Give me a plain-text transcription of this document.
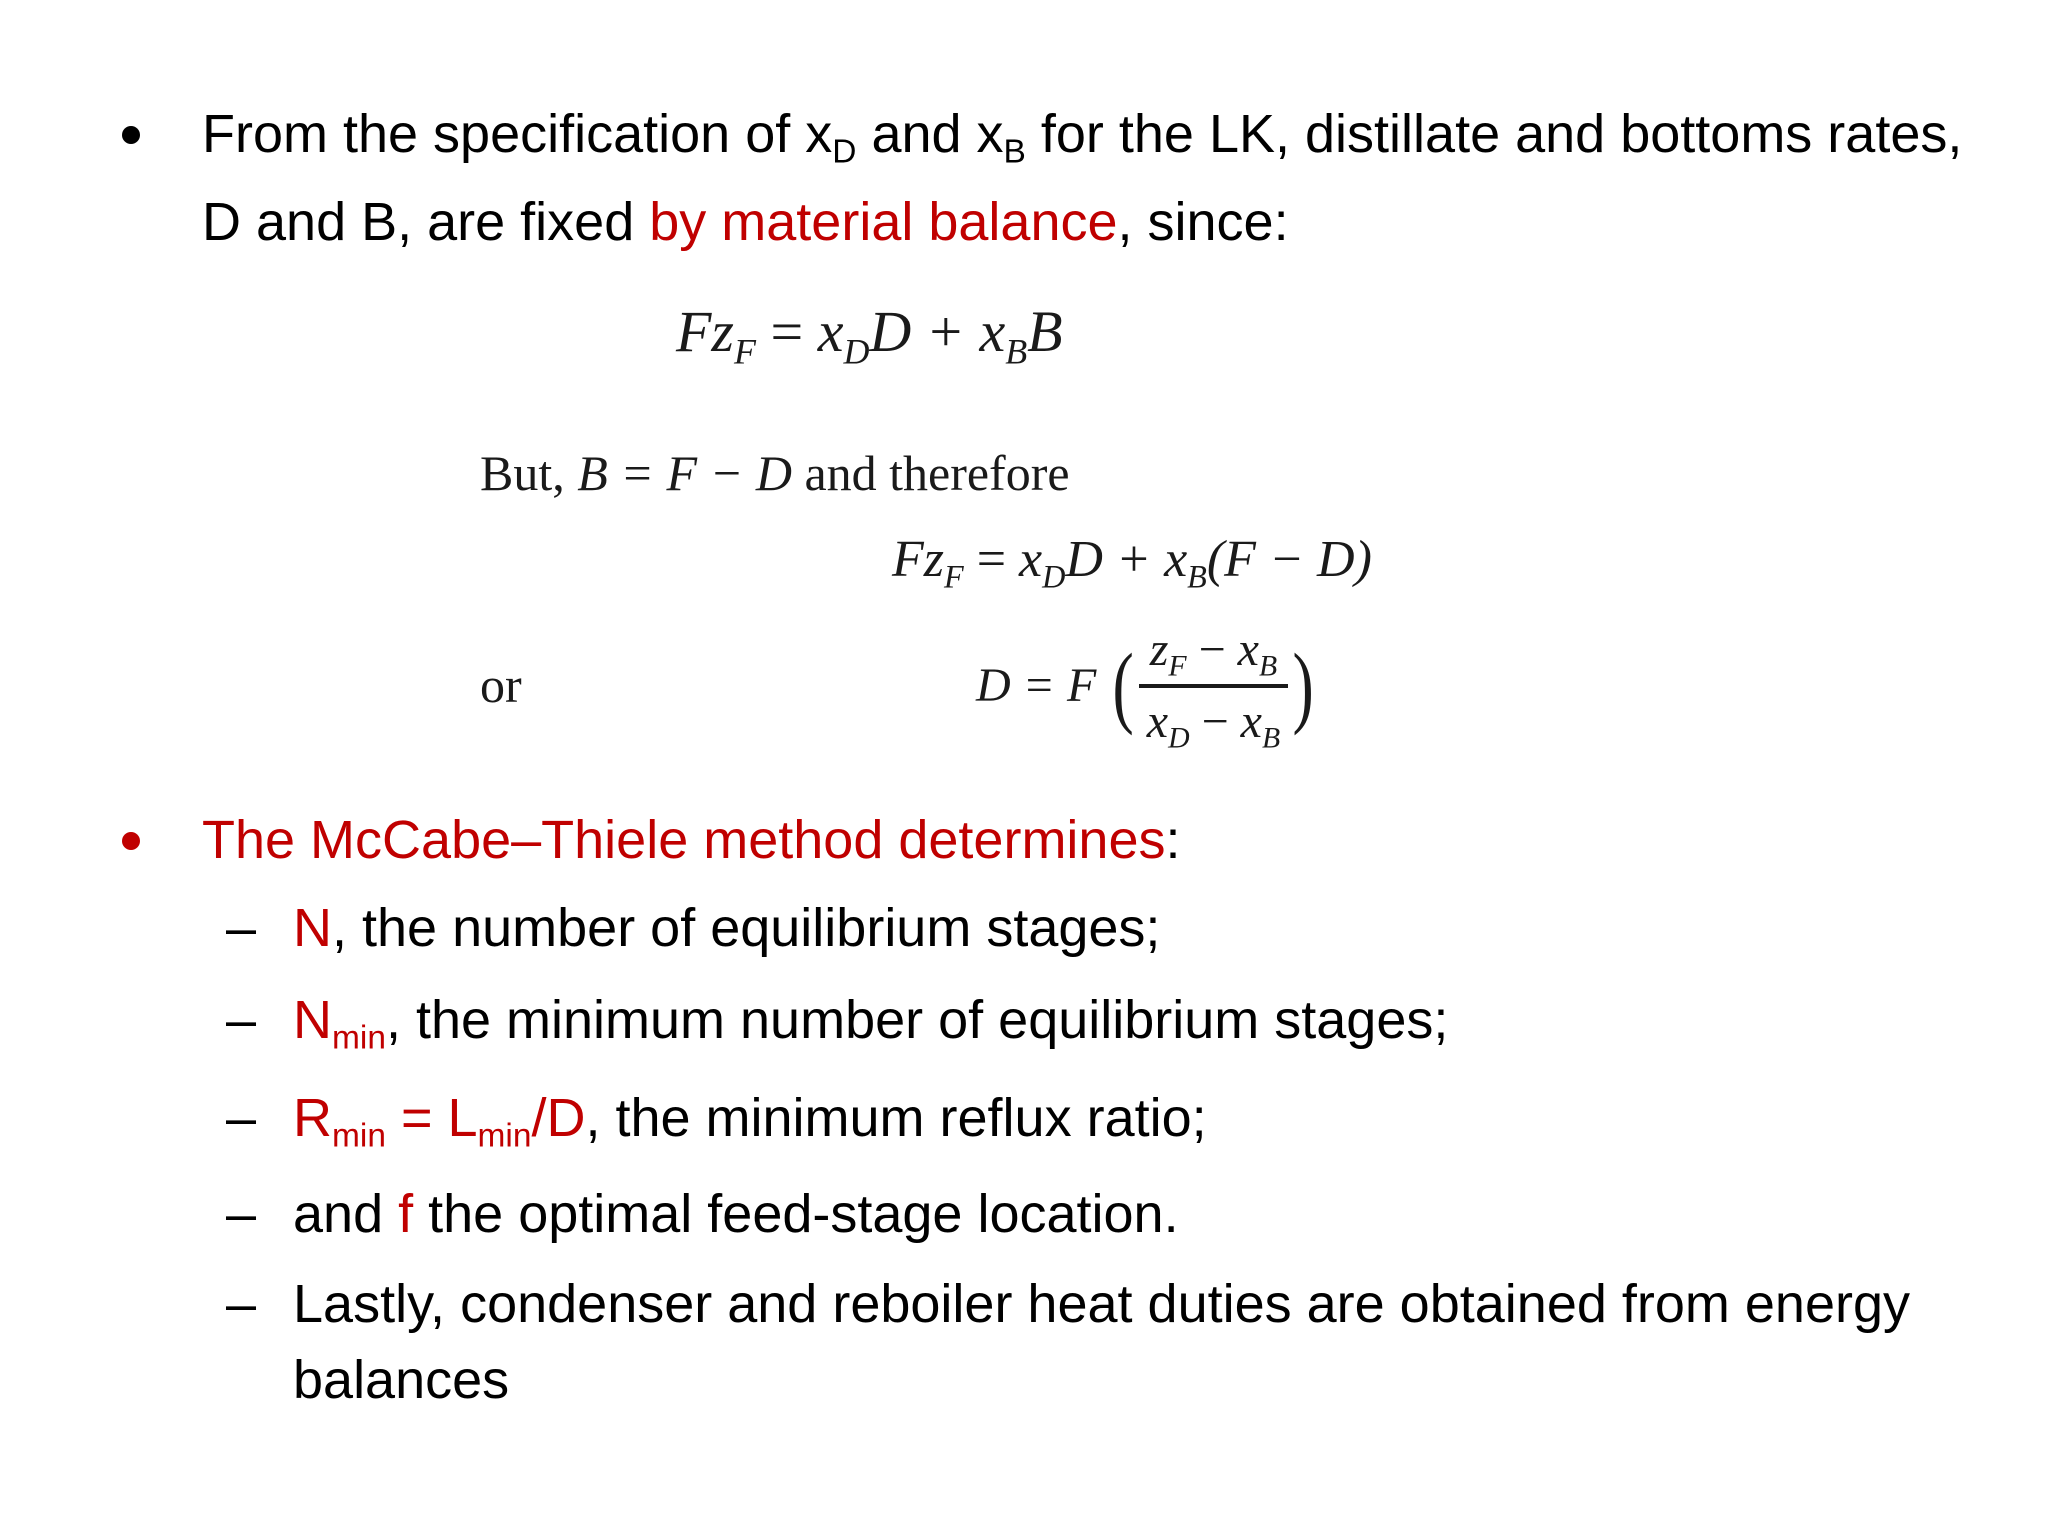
From the specification of $x_D$ and $x_B$ for the LK, distillate and bottoms rates, D and B, are fixed by material balance, since:
$Fz_F = x_DD + x_BB$
But, B = F − D and therefore
$Fz_F = x_DD + x_B(F - D)$
or	D = F ( $\frac{z_F - x_B}{x_D - x_B}$ )
The McCabe–Thiele method determines:
– N, the number of equilibrium stages;
– $N_{min}$, the minimum number of equilibrium stages;
– $R_{min} = L_{min}/D$, the minimum reflux ratio;
– and f the optimal feed-stage location.
– Lastly, condenser and reboiler heat duties are obtained from energy balances
